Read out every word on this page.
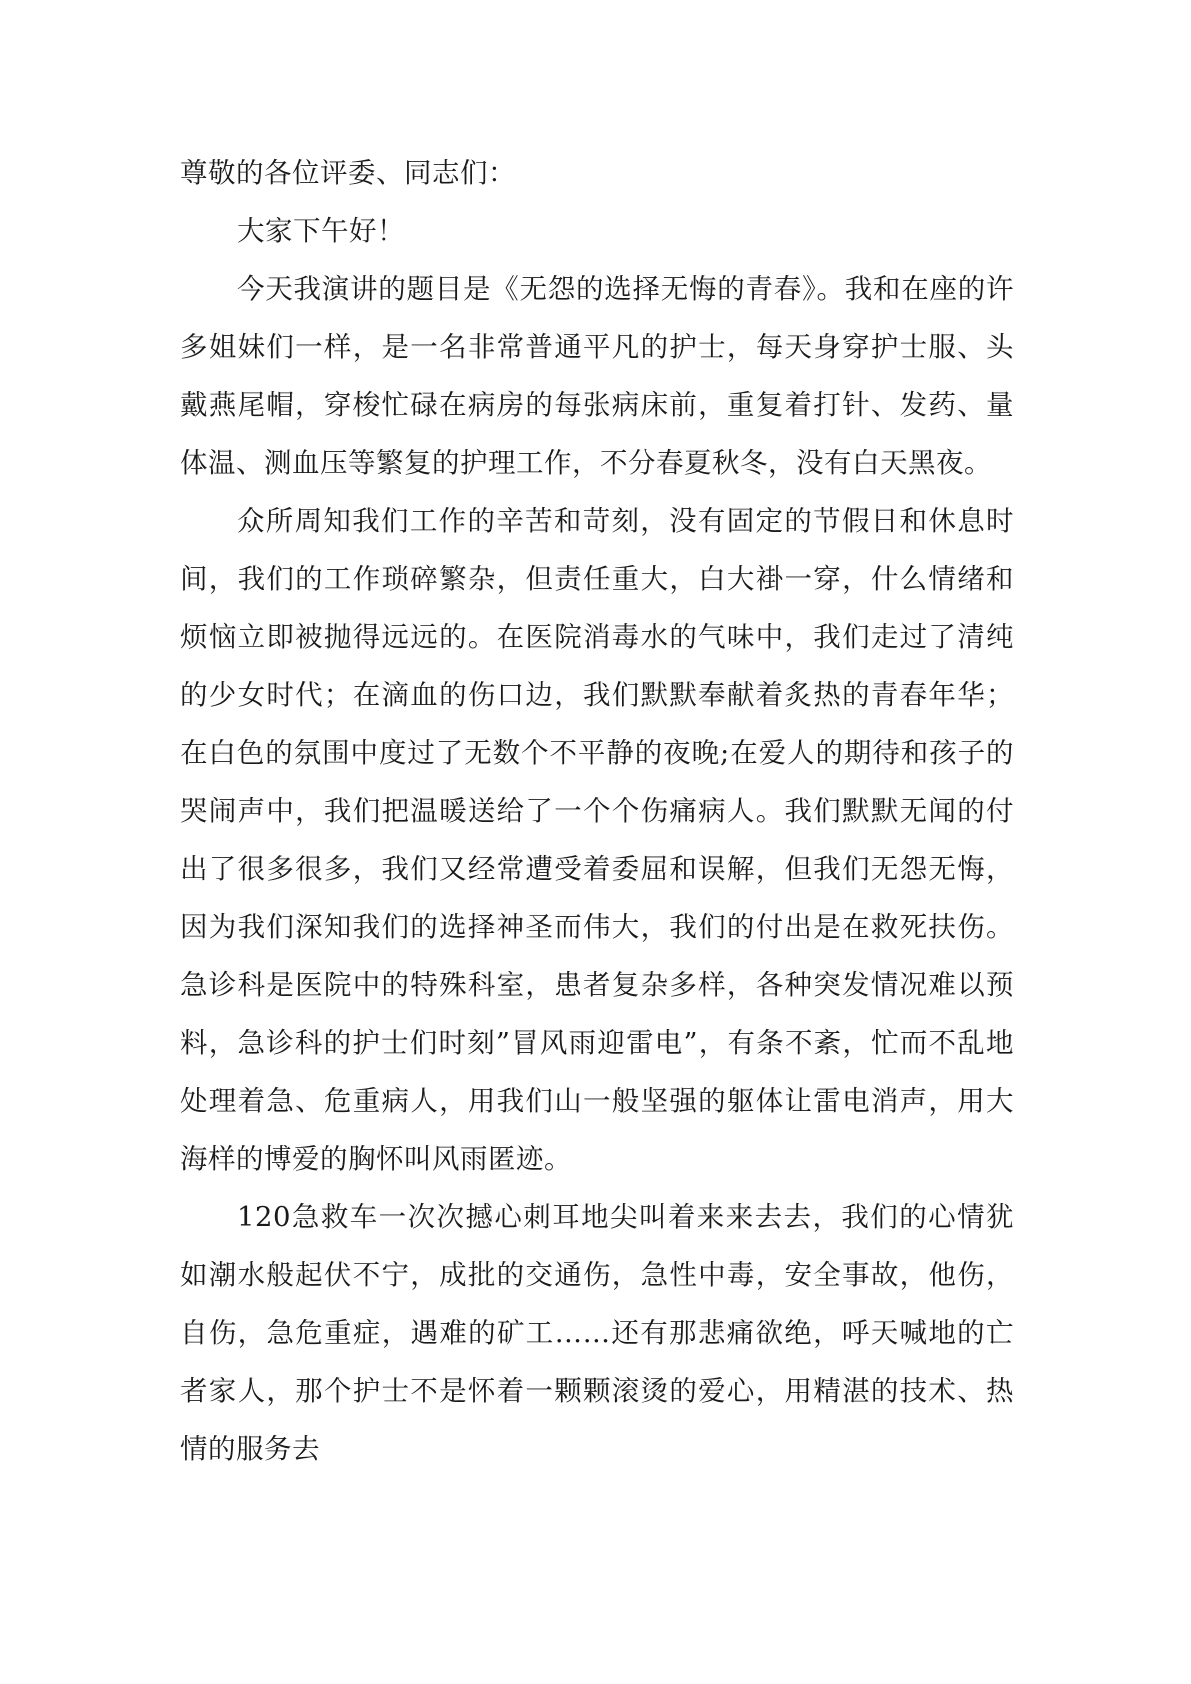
尊敬的各位评委、同志们：

大家下午好！

今天我演讲的题目是《无怨的选择无悔的青春》。我和在座的许多姐妹们一样，是一名非常普通平凡的护士，每天身穿护士服、头戴燕尾帽，穿梭忙碌在病房的每张病床前，重复着打针、发药、量体温、测血压等繁复的护理工作，不分春夏秋冬，没有白天黑夜。

众所周知我们工作的辛苦和苛刻，没有固定的节假日和休息时间，我们的工作琐碎繁杂，但责任重大，白大褂一穿，什么情绪和烦恼立即被抛得远远的。在医院消毒水的气味中，我们走过了清纯的少女时代；在滴血的伤口边，我们默默奉献着炙热的青春年华；在白色的氛围中度过了无数个不平静的夜晚;在爱人的期待和孩子的哭闹声中，我们把温暖送给了一个个伤痛病人。我们默默无闻的付出了很多很多，我们又经常遭受着委屈和误解，但我们无怨无悔，因为我们深知我们的选择神圣而伟大，我们的付出是在救死扶伤。急诊科是医院中的特殊科室，患者复杂多样，各种突发情况难以预料，急诊科的护士们时刻”冒风雨迎雷电”，有条不紊，忙而不乱地处理着急、危重病人，用我们山一般坚强的躯体让雷电消声，用大海样的博爱的胸怀叫风雨匿迹。

120急救车一次次撼心刺耳地尖叫着来来去去，我们的心情犹如潮水般起伏不宁，成批的交通伤，急性中毒，安全事故，他伤，自伤，急危重症，遇难的矿工……还有那悲痛欲绝，呼天喊地的亡者家人，那个护士不是怀着一颗颗滚烫的爱心，用精湛的技术、热情的服务去
